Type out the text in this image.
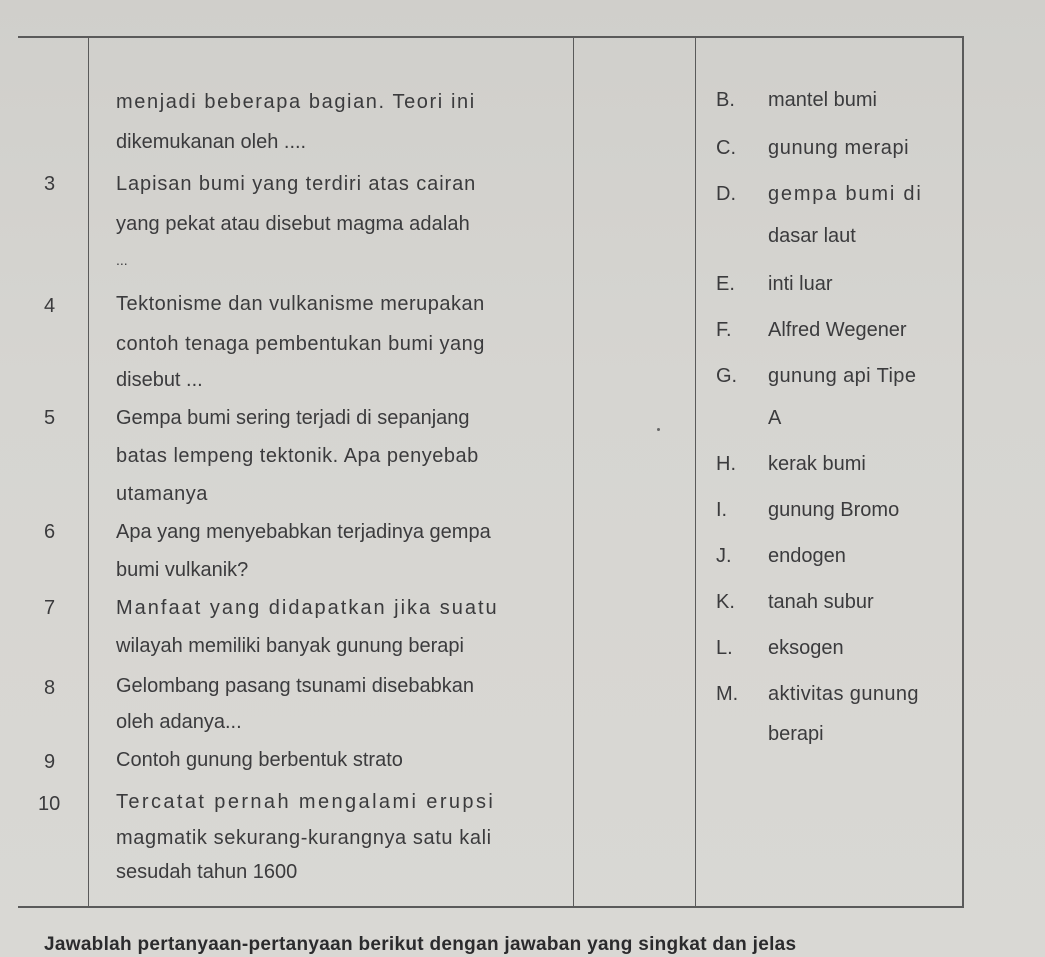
3
4
5
6
7
8
9
10
menjadi beberapa bagian. Teori ini
dikemukanan oleh ....
Lapisan bumi yang terdiri atas cairan
yang pekat atau disebut magma adalah
...
Tektonisme dan vulkanisme merupakan
contoh tenaga pembentukan bumi yang
disebut ...
Gempa bumi sering terjadi di sepanjang
batas lempeng tektonik. Apa penyebab
utamanya
Apa yang menyebabkan terjadinya gempa
bumi vulkanik?
Manfaat yang didapatkan jika suatu
wilayah memiliki banyak gunung berapi
Gelombang pasang tsunami disebabkan
oleh adanya...
Contoh gunung berbentuk strato
Tercatat pernah mengalami erupsi
magmatik sekurang-kurangnya satu kali
sesudah tahun 1600
B. mantel bumi
C. gunung merapi
D. gempa bumi di
dasar laut
E. inti luar
F. Alfred Wegener
G. gunung api Tipe
A
H. kerak bumi
I. gunung Bromo
J. endogen
K. tanah subur
L. eksogen
M. aktivitas gunung
berapi
Jawablah pertanyaan-pertanyaan berikut dengan jawaban yang singkat dan jelas
